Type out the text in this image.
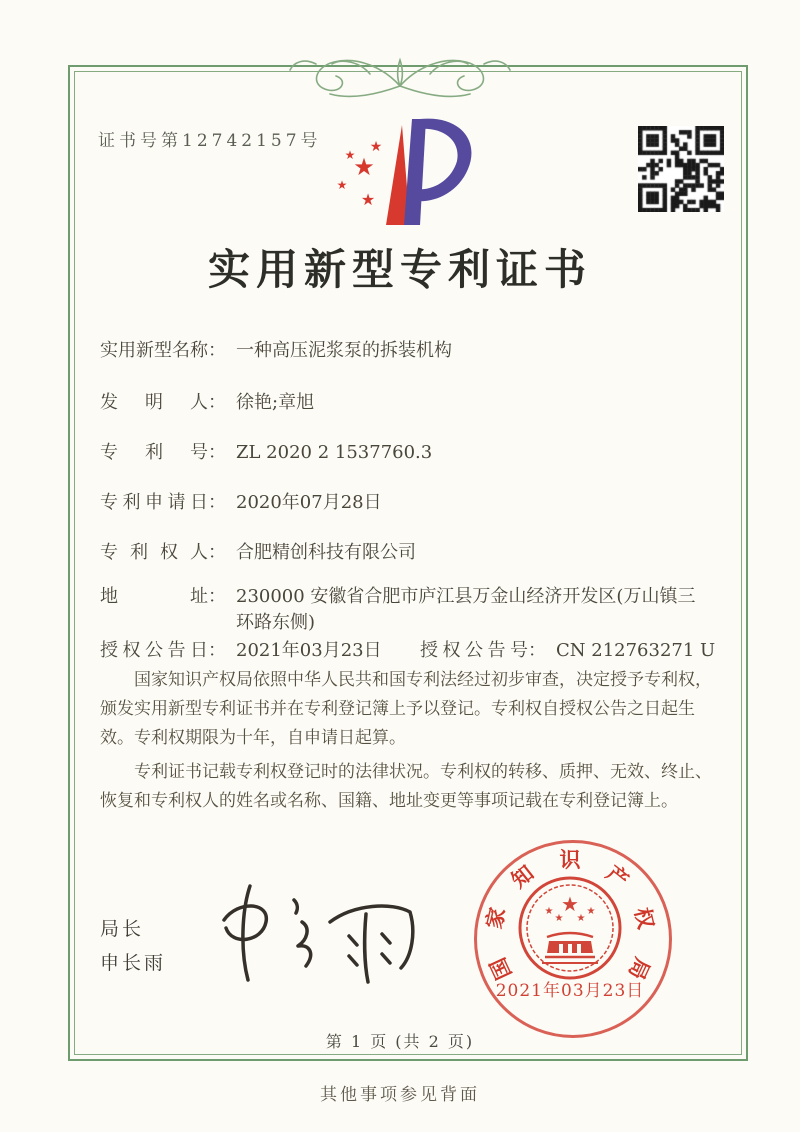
证书号第12742157号
★
★
★
★
★
实用新型专利证书
实用新型名称 ： 一种高压泥浆泵的拆装机构
发明人 ： 徐艳;章旭
专利号 ： ZL 2020 2 1537760.3
专利申请日 ： 2020年07月28日
专利权人 ： 合肥精创科技有限公司
地址 ： 230000 安徽省合肥市庐江县万金山经济开发区(万山镇三环路东侧)
授权公告日 ： 2021年03月23日 授权公告号 ： CN 212763271 U

国家知识产权局依照中华人民共和国专利法经过初步审查，决定授予专利权，颁发实用新型专利证书并在专利登记簿上予以登记。专利权自授权公告之日起生效。专利权期限为十年，自申请日起算。

专利证书记载专利权登记时的法律状况。专利权的转移、质押、无效、终止、恢复和专利权人的姓名或名称、国籍、地址变更等事项记载在专利登记簿上。

局长
申长雨
★
★
★ ★
★
国
家
知
识
产
权
局
2021年03月23日
第 1 页 (共 2 页)
其他事项参见背面
